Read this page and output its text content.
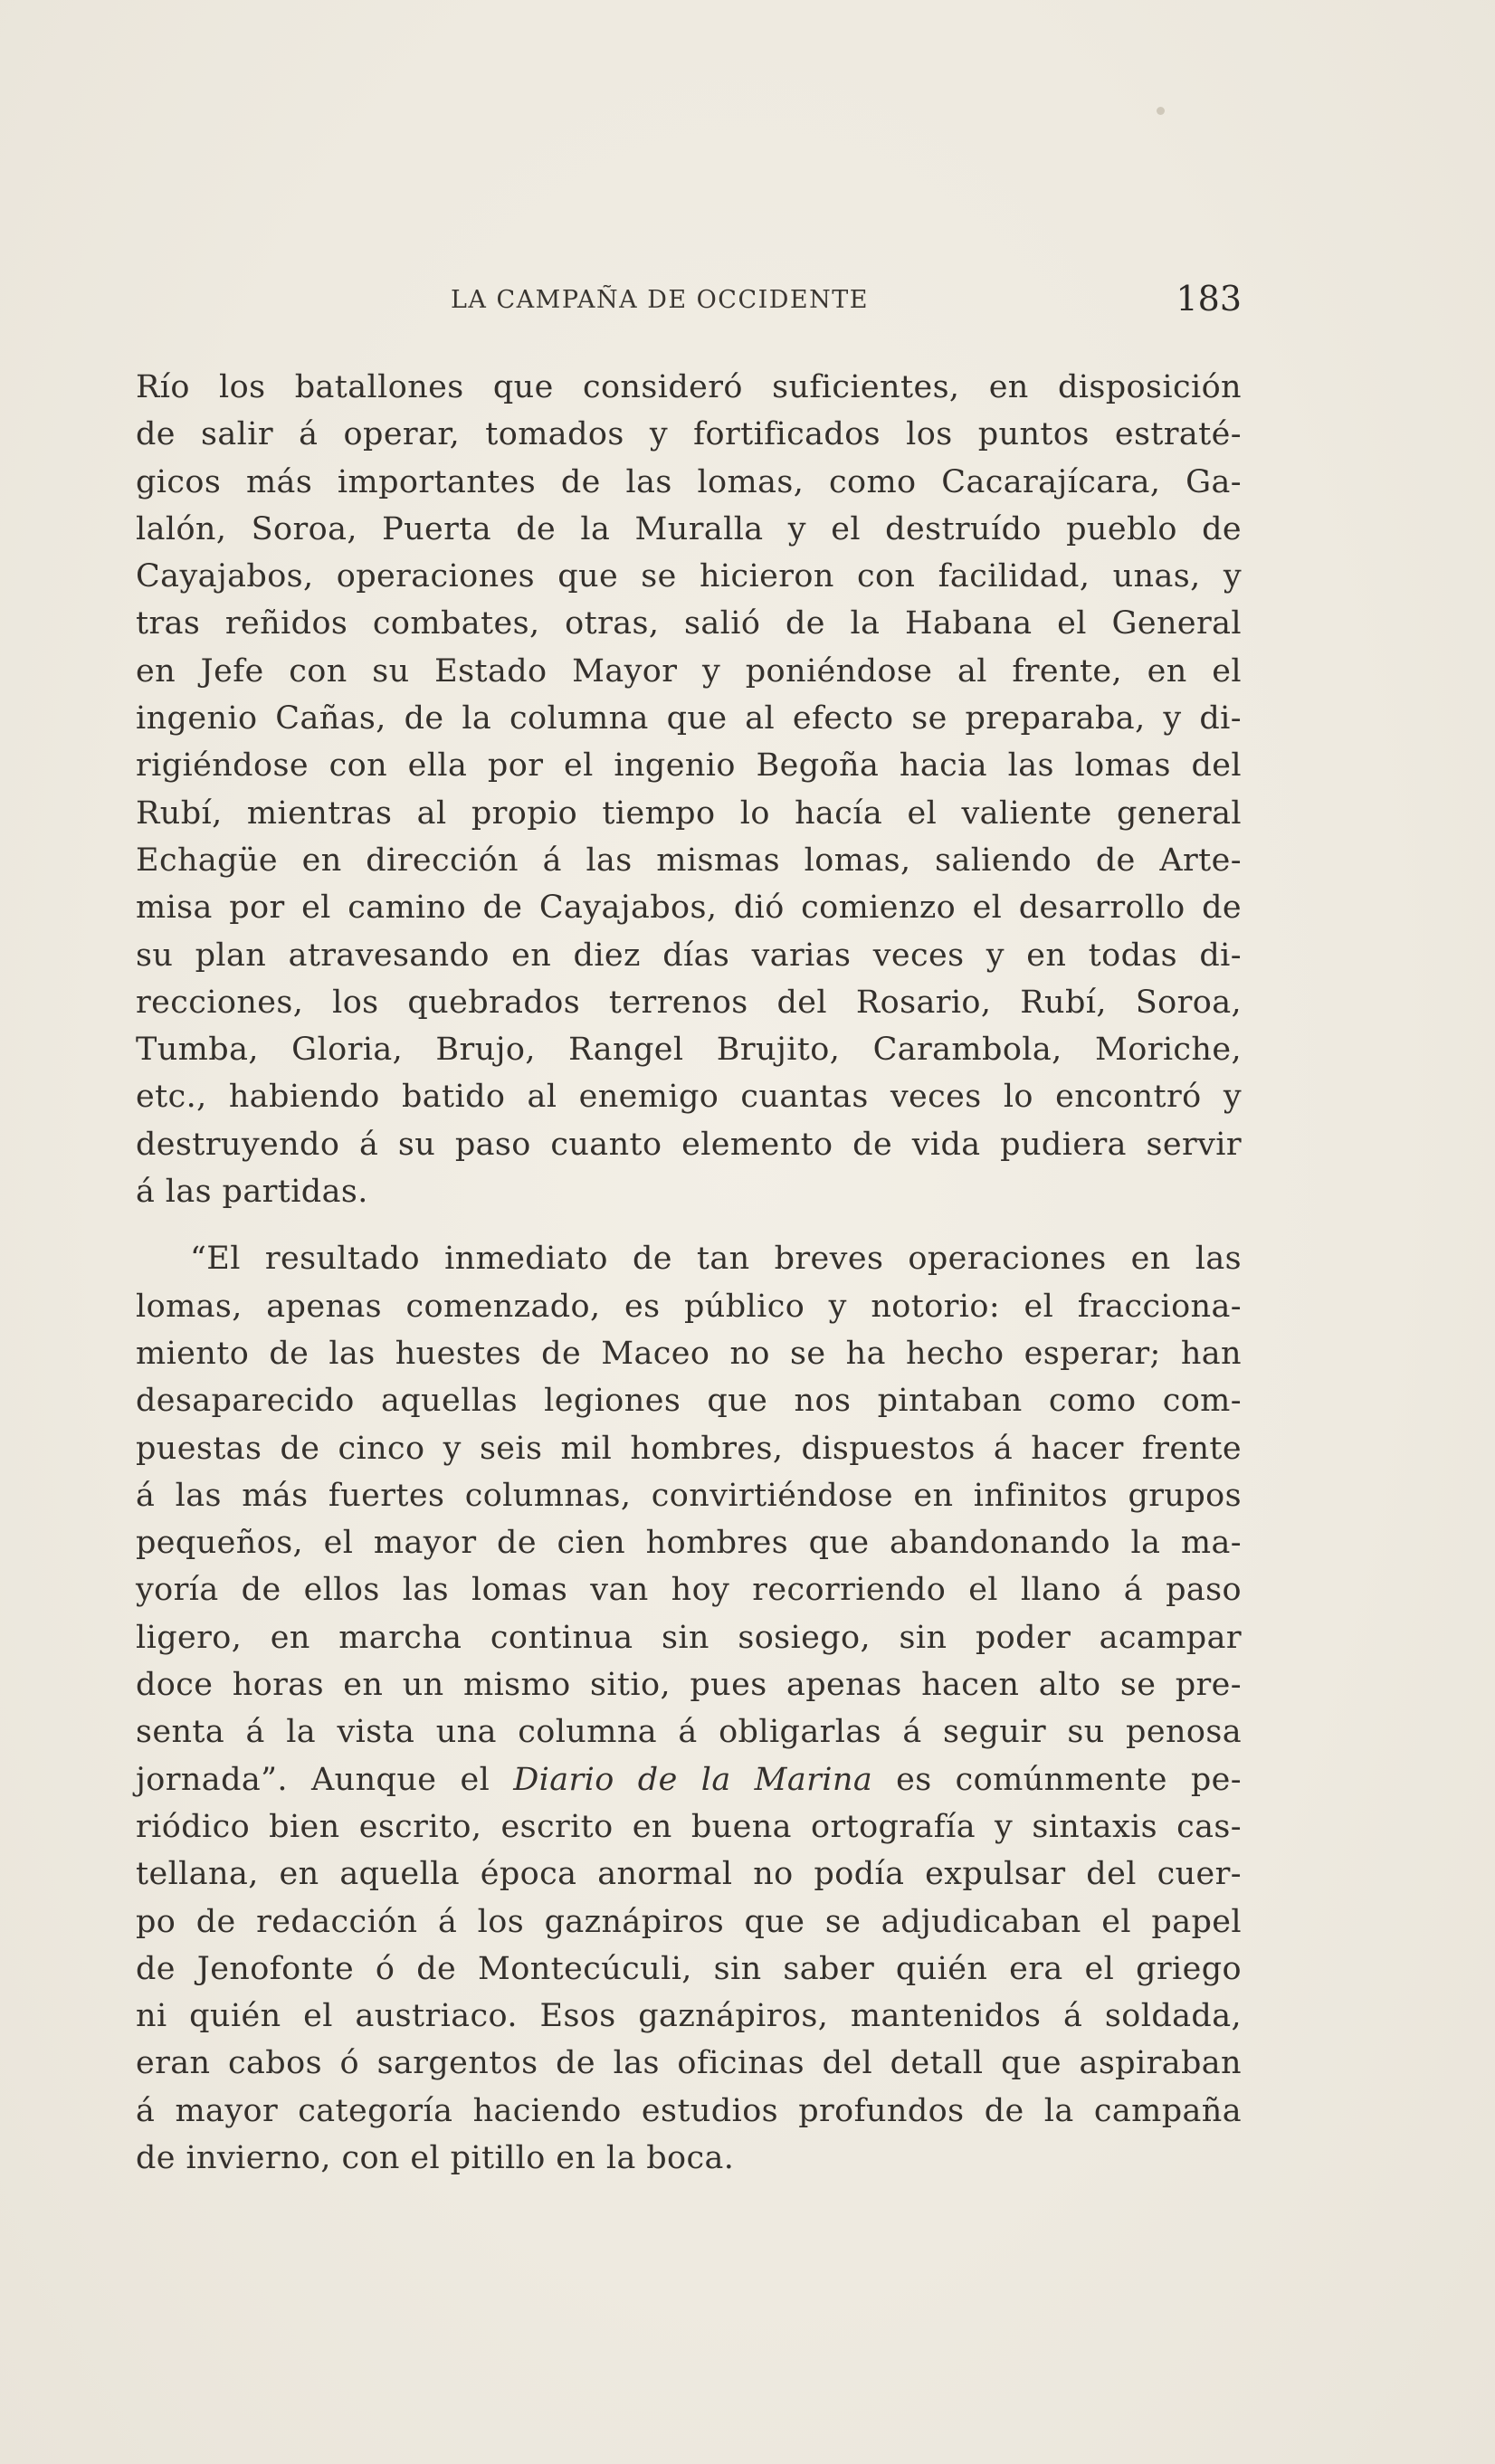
LA CAMPAÑA DE OCCIDENTE	183
Río los batallones que consideró suficientes, en disposición
de salir á operar, tomados y fortificados los puntos estraté-
gicos más importantes de las lomas, como Cacarajícara, Ga-
lalón, Soroa, Puerta de la Muralla y el destruído pueblo de
Cayajabos, operaciones que se hicieron con facilidad, unas, y
tras reñidos combates, otras, salió de la Habana el General
en Jefe con su Estado Mayor y poniéndose al frente, en el
ingenio Cañas, de la columna que al efecto se preparaba, y di-
rigiéndose con ella por el ingenio Begoña hacia las lomas del
Rubí, mientras al propio tiempo lo hacía el valiente general
Echagüe en dirección á las mismas lomas, saliendo de Arte-
misa por el camino de Cayajabos, dió comienzo el desarrollo de
su plan atravesando en diez días varias veces y en todas di-
recciones, los quebrados terrenos del Rosario, Rubí, Soroa,
Tumba, Gloria, Brujo, Rangel Brujito, Carambola, Moriche,
etc., habiendo batido al enemigo cuantas veces lo encontró y
destruyendo á su paso cuanto elemento de vida pudiera servir
á las partidas.
“El resultado inmediato de tan breves operaciones en las
lomas, apenas comenzado, es público y notorio: el fracciona-
miento de las huestes de Maceo no se ha hecho esperar; han
desaparecido aquellas legiones que nos pintaban como com-
puestas de cinco y seis mil hombres, dispuestos á hacer frente
á las más fuertes columnas, convirtiéndose en infinitos grupos
pequeños, el mayor de cien hombres que abandonando la ma-
yoría de ellos las lomas van hoy recorriendo el llano á paso
ligero, en marcha continua sin sosiego, sin poder acampar
doce horas en un mismo sitio, pues apenas hacen alto se pre-
senta á la vista una columna á obligarlas á seguir su penosa
jornada”. Aunque el Diario de la Marina es comúnmente pe-
riódico bien escrito, escrito en buena ortografía y sintaxis cas-
tellana, en aquella época anormal no podía expulsar del cuer-
po de redacción á los gaznápiros que se adjudicaban el papel
de Jenofonte ó de Montecúculi, sin saber quién era el griego
ni quién el austriaco. Esos gaznápiros, mantenidos á soldada,
eran cabos ó sargentos de las oficinas del detall que aspiraban
á mayor categoría haciendo estudios profundos de la campaña
de invierno, con el pitillo en la boca.
